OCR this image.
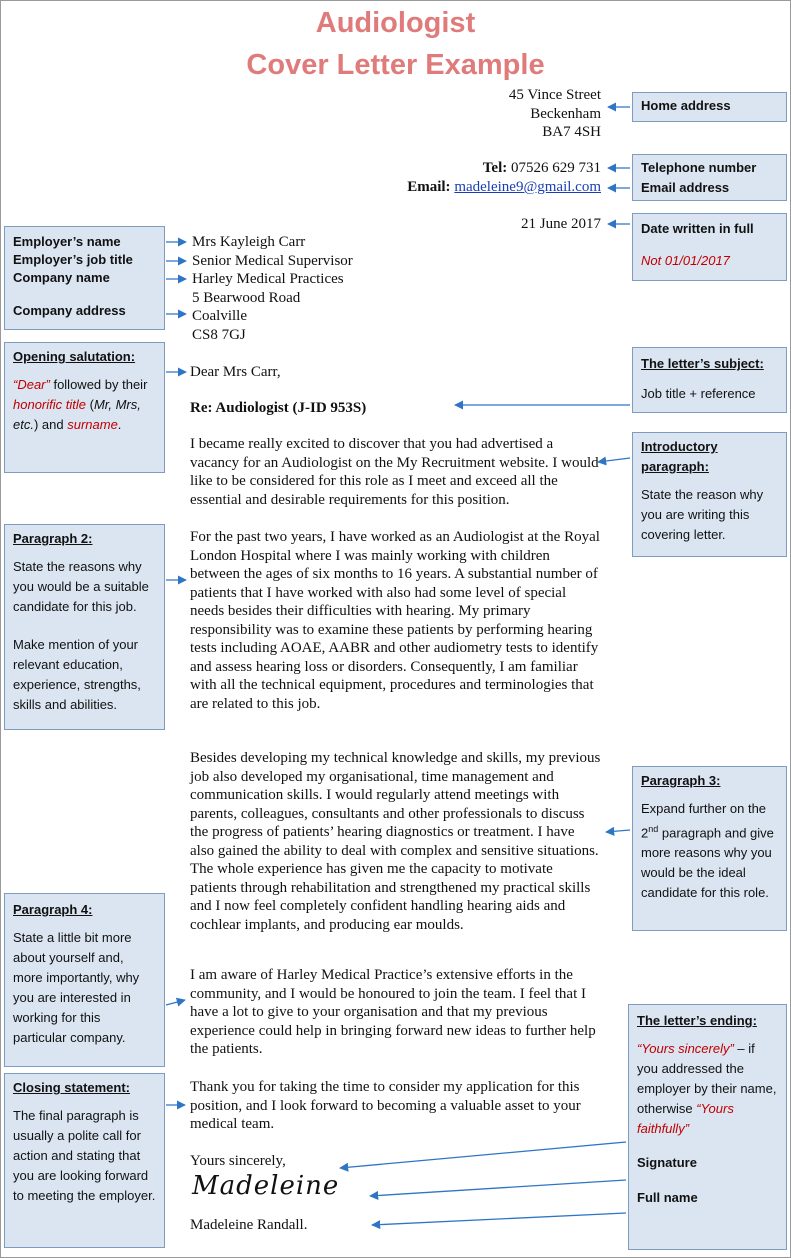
Audiologist
Cover Letter Example
45 Vince Street
Beckenham
BA7 4SH
Tel: 07526 629 731
Email: madeleine9@gmail.com
21 June 2017
Mrs Kayleigh Carr
Senior Medical Supervisor
Harley Medical Practices
5 Bearwood Road
Coalville
CS8 7GJ
Dear Mrs Carr,
Re: Audiologist (J-ID 953S)

I became really excited to discover that you had advertised a vacancy for an Audiologist on the My Recruitment website. I would like to be considered for this role as I meet and exceed all the essential and desirable requirements for this position.

For the past two years, I have worked as an Audiologist at the Royal London Hospital where I was mainly working with children between the ages of six months to 16 years. A substantial number of patients that I have worked with also had some level of special needs besides their difficulties with hearing. My primary responsibility was to examine these patients by performing hearing tests including AOAE, AABR and other audiometry tests to identify and assess hearing loss or disorders. Consequently, I am familiar with all the technical equipment, procedures and terminologies that are related to this job.

Besides developing my technical knowledge and skills, my previous job also developed my organisational, time management and communication skills. I would regularly attend meetings with parents, colleagues, consultants and other professionals to discuss the progress of patients’ hearing diagnostics or treatment. I have also gained the ability to deal with complex and sensitive situations. The whole experience has given me the capacity to motivate patients through rehabilitation and strengthened my practical skills and I now feel completely confident handling hearing aids and cochlear implants, and producing ear moulds.

I am aware of Harley Medical Practice’s extensive efforts in the community, and I would be honoured to join the team. I feel that I have a lot to give to your organisation and that my previous experience could help in bringing forward new ideas to further help the patients.

Thank you for taking the time to consider my application for this position, and I look forward to becoming a valuable asset to your medical team.

Yours sincerely,
Madeleine
Madeleine Randall.
Home address
Telephone number
Email address
Date written in full
Not 01/01/2017
The letter’s subject:
Job title + reference
Introductory paragraph:

State the reason why you are writing this covering letter.

Paragraph 3:

Expand further on the 2nd paragraph and give more reasons why you would be the ideal candidate for this role.

The letter’s ending:

“Yours sincerely” – if you addressed the employer by their name, otherwise “Yours faithfully”

Signature
Full name
Employer’s name
Employer’s job title
Company name
Company address
Opening salutation:

“Dear” followed by their honorific title (Mr, Mrs, etc.) and surname.

Paragraph 2:

State the reasons why you would be a suitable candidate for this job.

Make mention of your relevant education, experience, strengths, skills and abilities.

Paragraph 4:

State a little bit more about yourself and, more importantly, why you are interested in working for this particular company.

Closing statement:

The final paragraph is usually a polite call for action and stating that you are looking forward to meeting the employer.
